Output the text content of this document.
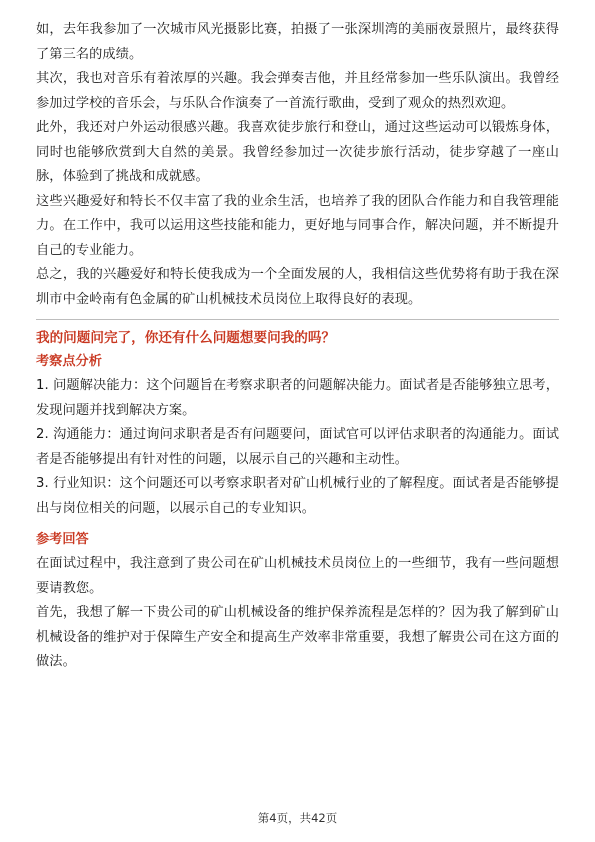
如，去年我参加了一次城市风光摄影比赛，拍摄了一张深圳湾的美丽夜景照片，最终获得了第三名的成绩。

其次，我也对音乐有着浓厚的兴趣。我会弹奏吉他，并且经常参加一些乐队演出。我曾经参加过学校的音乐会，与乐队合作演奏了一首流行歌曲，受到了观众的热烈欢迎。

此外，我还对户外运动很感兴趣。我喜欢徒步旅行和登山，通过这些运动可以锻炼身体，同时也能够欣赏到大自然的美景。我曾经参加过一次徒步旅行活动，徒步穿越了一座山脉，体验到了挑战和成就感。

这些兴趣爱好和特长不仅丰富了我的业余生活，也培养了我的团队合作能力和自我管理能力。在工作中，我可以运用这些技能和能力，更好地与同事合作，解决问题，并不断提升自己的专业能力。

总之，我的兴趣爱好和特长使我成为一个全面发展的人，我相信这些优势将有助于我在深圳市中金岭南有色金属的矿山机械技术员岗位上取得良好的表现。

我的问题问完了，你还有什么问题想要问我的吗？

考察点分析

1. 问题解决能力：这个问题旨在考察求职者的问题解决能力。面试者是否能够独立思考，发现问题并找到解决方案。

2. 沟通能力：通过询问求职者是否有问题要问，面试官可以评估求职者的沟通能力。面试者是否能够提出有针对性的问题，以展示自己的兴趣和主动性。

3. 行业知识：这个问题还可以考察求职者对矿山机械行业的了解程度。面试者是否能够提出与岗位相关的问题，以展示自己的专业知识。

参考回答

在面试过程中，我注意到了贵公司在矿山机械技术员岗位上的一些细节，我有一些问题想要请教您。

首先，我想了解一下贵公司的矿山机械设备的维护保养流程是怎样的？因为我了解到矿山机械设备的维护对于保障生产安全和提高生产效率非常重要，我想了解贵公司在这方面的做法。

第4页，共42页
